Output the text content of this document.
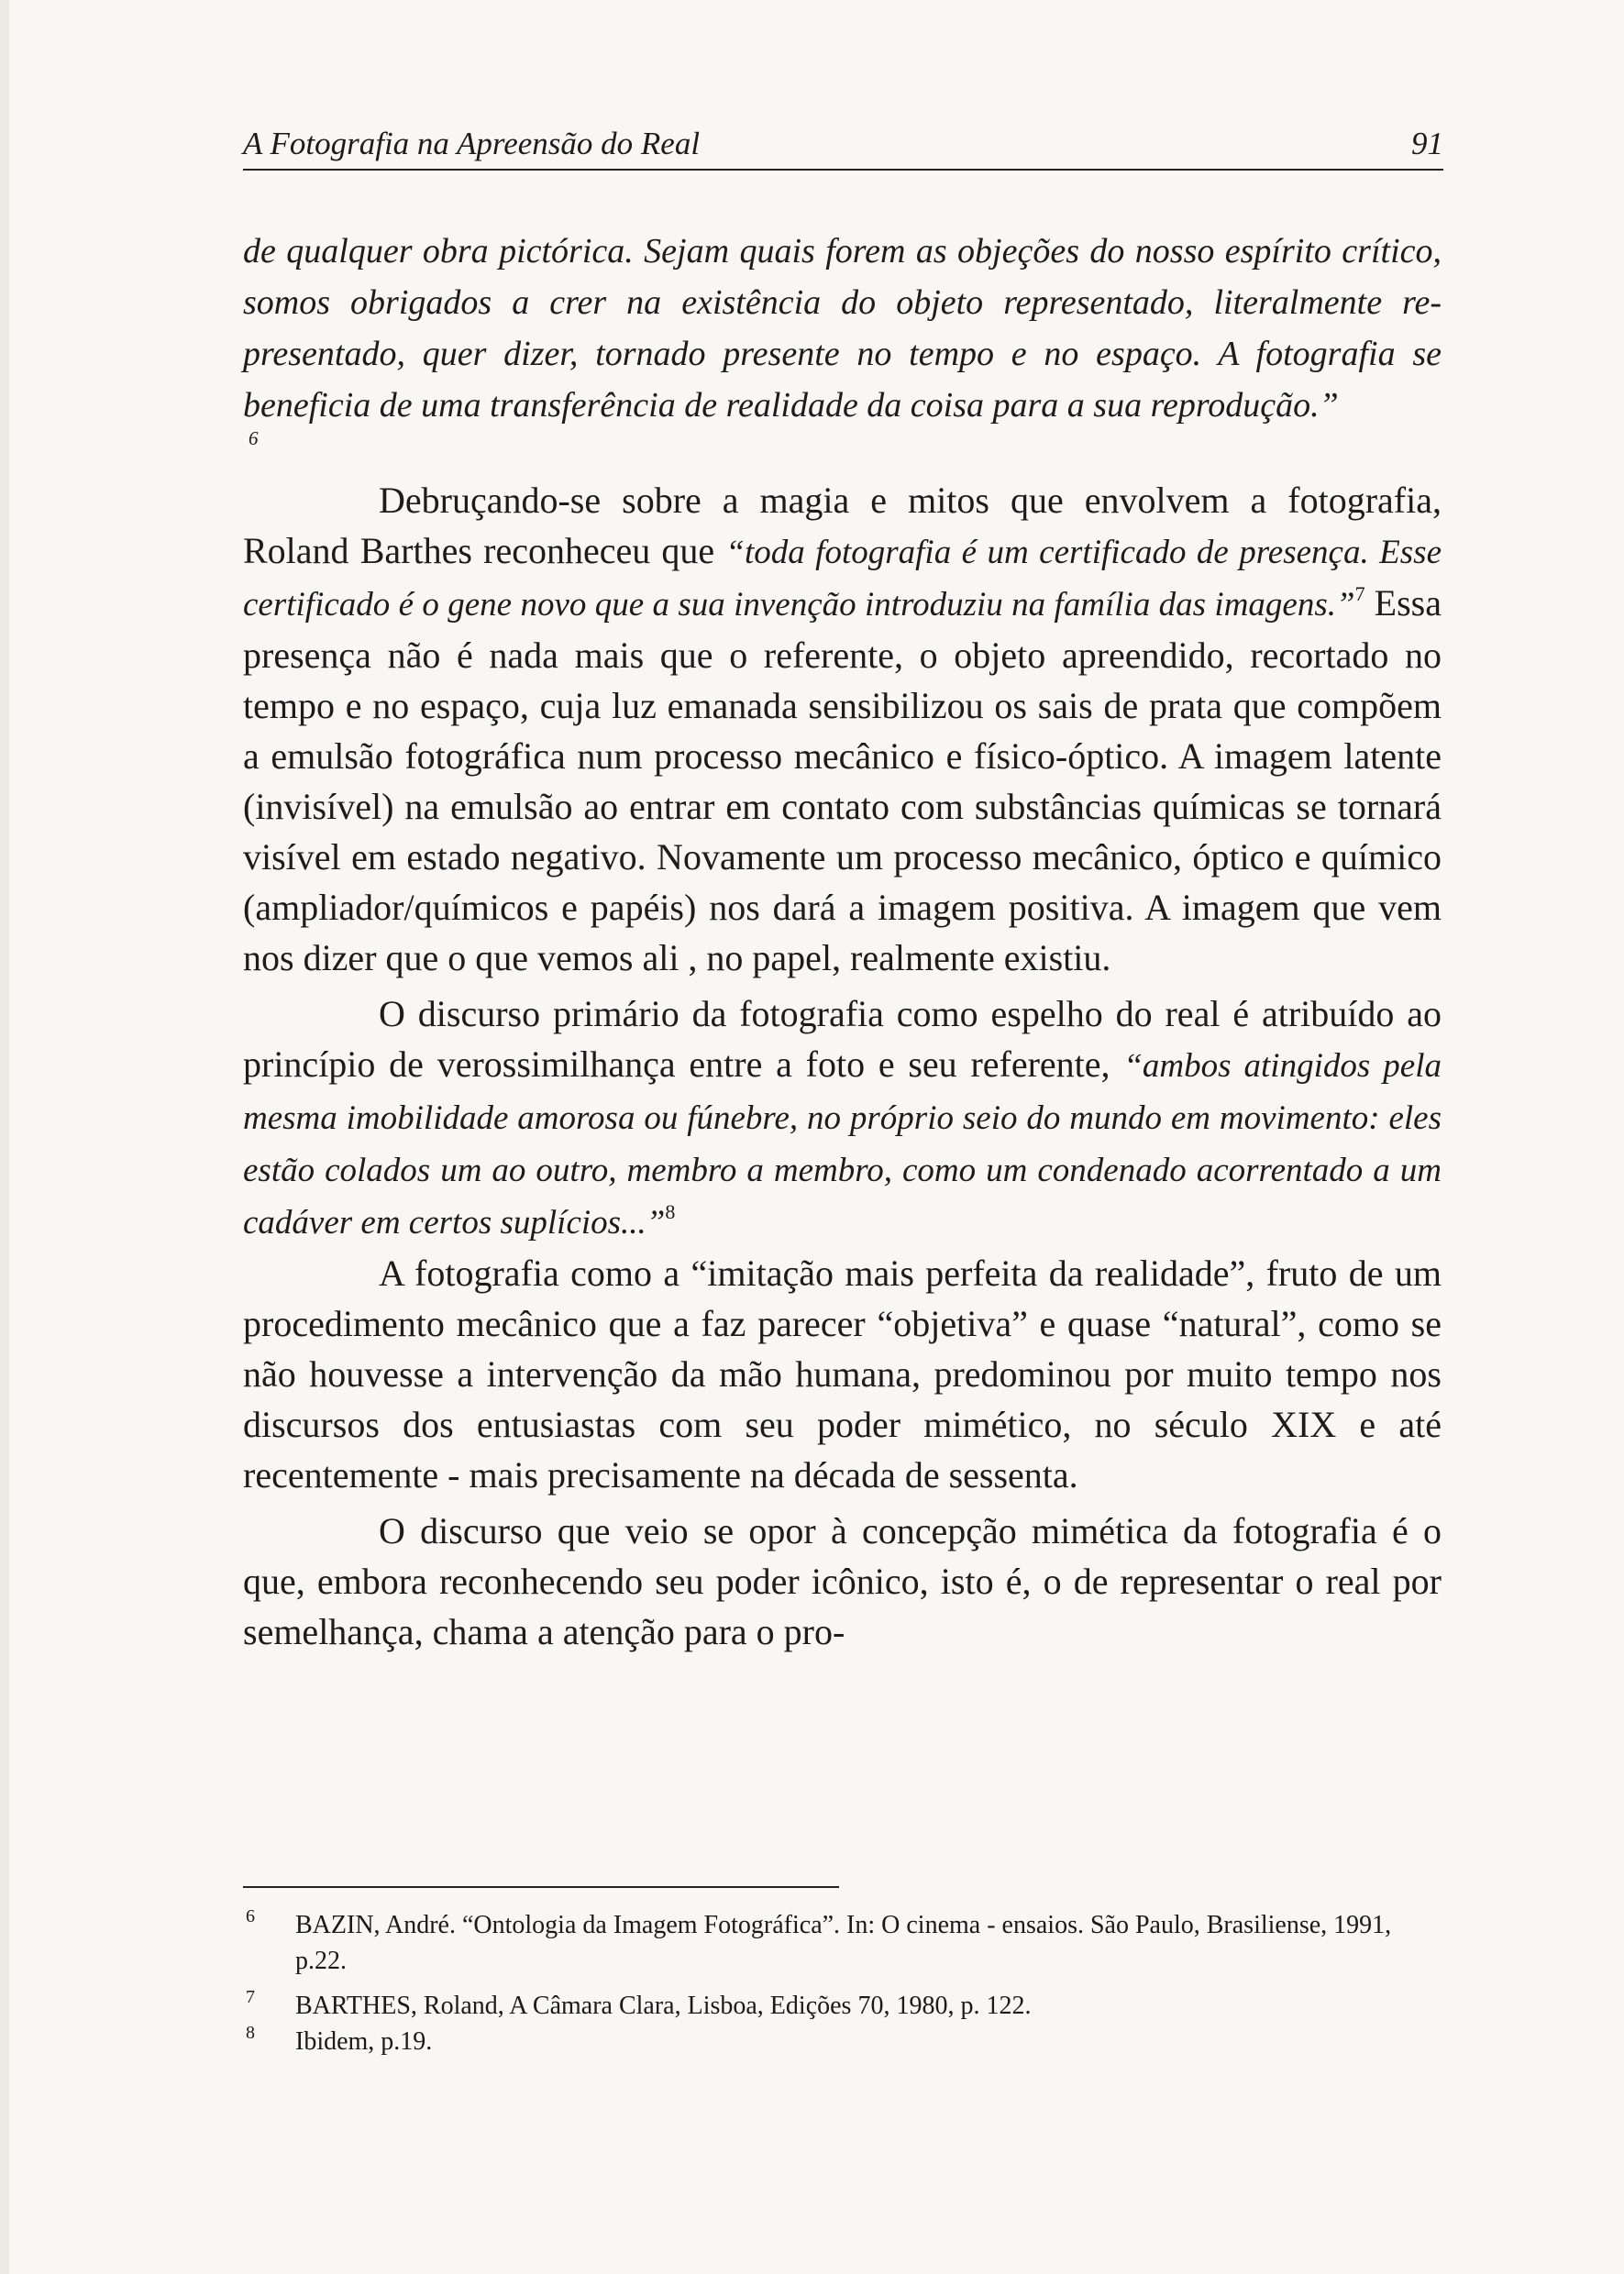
A Fotografia na Apreensão do Real	91

de qualquer obra pictórica. Sejam quais forem as objeções do nosso espírito crítico, somos obrigados a crer na existência do objeto representado, literalmente re-presentado, quer dizer, tornado presente no tempo e no espaço. A fotografia se beneficia de uma transferência de realidade da coisa para a sua reprodução.”
6

Debruçando-se sobre a magia e mitos que envolvem a fotografia, Roland Barthes reconheceu que “toda fotografia é um certificado de presença. Esse certificado é o gene novo que a sua invenção introduziu na família das imagens.”$^7$ Essa presença não é nada mais que o referente, o objeto apreendido, recortado no tempo e no espaço, cuja luz emanada sensibilizou os sais de prata que compõem a emulsão fotográfica num processo mecânico e físico-óptico. A imagem latente (invisível) na emulsão ao entrar em contato com substâncias químicas se tornará visível em estado negativo. Novamente um processo mecânico, óptico e químico (ampliador/químicos e papéis) nos dará a imagem positiva. A imagem que vem nos dizer que o que vemos ali , no papel, realmente existiu.

O discurso primário da fotografia como espelho do real é atribuído ao princípio de verossimilhança entre a foto e seu referente, “ambos atingidos pela mesma imobilidade amorosa ou fúnebre, no próprio seio do mundo em movimento: eles estão colados um ao outro, membro a membro, como um condenado acorrentado a um cadáver em certos suplícios...”$^8$

A fotografia como a “imitação mais perfeita da realidade”, fruto de um procedimento mecânico que a faz parecer “objetiva” e quase “natural”, como se não houvesse a intervenção da mão humana, predominou por muito tempo nos discursos dos entusiastas com seu poder mimético, no século XIX e até recentemente - mais precisamente na década de sessenta.

O discurso que veio se opor à concepção mimética da fotografia é o que, embora reconhecendo seu poder icônico, isto é, o de representar o real por semelhança, chama a atenção para o pro-

6 BAZIN, André. “Ontologia da Imagem Fotográfica”. In: O cinema - ensaios. São Paulo, Brasiliense, 1991, p.22.
7 BARTHES, Roland, A Câmara Clara, Lisboa, Edições 70, 1980, p. 122.
8 Ibidem, p.19.
